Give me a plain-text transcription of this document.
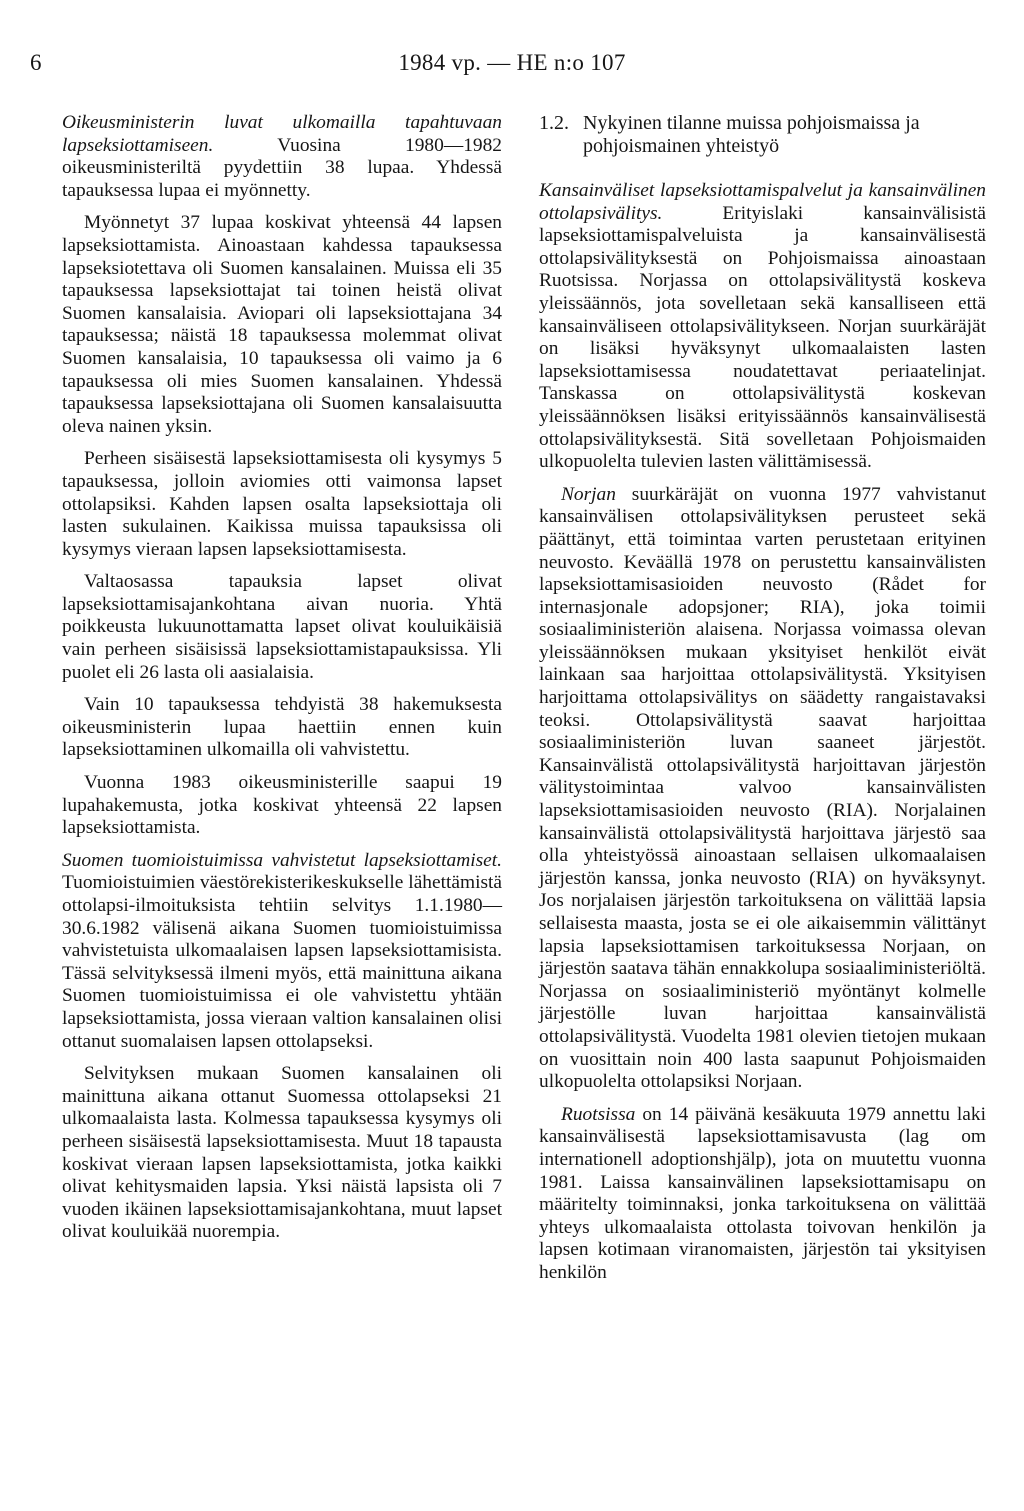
6	1984 vp. — HE n:o 107

Oikeusministerin luvat ulkomailla tapahtuvaan lapseksiottamiseen. Vuosina 1980—1982 oikeusministeriltä pyydettiin 38 lupaa. Yhdessä tapauksessa lupaa ei myönnetty.

Myönnetyt 37 lupaa koskivat yhteensä 44 lapsen lapseksiottamista. Ainoastaan kahdessa tapauksessa lapseksiotettava oli Suomen kansalainen. Muissa eli 35 tapauksessa lapseksiottajat tai toinen heistä olivat Suomen kansalaisia. Aviopari oli lapseksiottajana 34 tapauksessa; näistä 18 tapauksessa molemmat olivat Suomen kansalaisia, 10 tapauksessa oli vaimo ja 6 tapauksessa oli mies Suomen kansalainen. Yhdessä tapauksessa lapseksiottajana oli Suomen kansalaisuutta oleva nainen yksin.

Perheen sisäisestä lapseksiottamisesta oli kysymys 5 tapauksessa, jolloin aviomies otti vaimonsa lapset ottolapsiksi. Kahden lapsen osalta lapseksiottaja oli lasten sukulainen. Kaikissa muissa tapauksissa oli kysymys vieraan lapsen lapseksiottamisesta.

Valtaosassa tapauksia lapset olivat lapseksiottamisajankohtana aivan nuoria. Yhtä poikkeusta lukuunottamatta lapset olivat kouluikäisiä vain perheen sisäisissä lapseksiottamistapauksissa. Yli puolet eli 26 lasta oli aasialaisia.

Vain 10 tapauksessa tehdyistä 38 hakemuksesta oikeusministerin lupaa haettiin ennen kuin lapseksiottaminen ulkomailla oli vahvistettu.

Vuonna 1983 oikeusministerille saapui 19 lupahakemusta, jotka koskivat yhteensä 22 lapsen lapseksiottamista.

Suomen tuomioistuimissa vahvistetut lapseksiottamiset. Tuomioistuimien väestörekisterikeskukselle lähettämistä ottolapsi-ilmoituksista tehtiin selvitys 1.1.1980—30.6.1982 välisenä aikana Suomen tuomioistuimissa vahvistetuista ulkomaalaisen lapsen lapseksiottamisista. Tässä selvityksessä ilmeni myös, että mainittuna aikana Suomen tuomioistuimissa ei ole vahvistettu yhtään lapseksiottamista, jossa vieraan valtion kansalainen olisi ottanut suomalaisen lapsen ottolapseksi.

Selvityksen mukaan Suomen kansalainen oli mainittuna aikana ottanut Suomessa ottolapseksi 21 ulkomaalaista lasta. Kolmessa tapauksessa kysymys oli perheen sisäisestä lapseksiottamisesta. Muut 18 tapausta koskivat vieraan lapsen lapseksiottamista, jotka kaikki olivat kehitysmaiden lapsia. Yksi näistä lapsista oli 7 vuoden ikäinen lapseksiottamisajankohtana, muut lapset olivat kouluikää nuorempia.

1.2. Nykyinen tilanne muissa pohjoismaissa ja pohjoismainen yhteistyö

Kansainväliset lapseksiottamispalvelut ja kansainvälinen ottolapsivälitys. Erityislaki kansainvälisistä lapseksiottamispalveluista ja kansainvälisestä ottolapsivälityksestä on Pohjoismaissa ainoastaan Ruotsissa. Norjassa on ottolapsivälitystä koskeva yleissäännös, jota sovelletaan sekä kansalliseen että kansainväliseen ottolapsivälitykseen. Norjan suurkäräjät on lisäksi hyväksynyt ulkomaalaisten lasten lapseksiottamisessa noudatettavat periaatelinjat. Tanskassa on ottolapsivälitystä koskevan yleissäännöksen lisäksi erityissäännös kansainvälisestä ottolapsivälityksestä. Sitä sovelletaan Pohjoismaiden ulkopuolelta tulevien lasten välittämisessä.

Norjan suurkäräjät on vuonna 1977 vahvistanut kansainvälisen ottolapsivälityksen perusteet sekä päättänyt, että toimintaa varten perustetaan erityinen neuvosto. Keväällä 1978 on perustettu kansainvälisten lapseksiottamisasioiden neuvosto (Rådet for internasjonale adopsjoner; RIA), joka toimii sosiaaliministeriön alaisena. Norjassa voimassa olevan yleissäännöksen mukaan yksityiset henkilöt eivät lainkaan saa harjoittaa ottolapsivälitystä. Yksityisen harjoittama ottolapsivälitys on säädetty rangaistavaksi teoksi. Ottolapsivälitystä saavat harjoittaa sosiaaliministeriön luvan saaneet järjestöt. Kansainvälistä ottolapsivälitystä harjoittavan järjestön välitystoimintaa valvoo kansainvälisten lapseksiottamisasioiden neuvosto (RIA). Norjalainen kansainvälistä ottolapsivälitystä harjoittava järjestö saa olla yhteistyössä ainoastaan sellaisen ulkomaalaisen järjestön kanssa, jonka neuvosto (RIA) on hyväksynyt. Jos norjalaisen järjestön tarkoituksena on välittää lapsia sellaisesta maasta, josta se ei ole aikaisemmin välittänyt lapsia lapseksiottamisen tarkoituksessa Norjaan, on järjestön saatava tähän ennakkolupa sosiaaliministeriöltä. Norjassa on sosiaaliministeriö myöntänyt kolmelle järjestölle luvan harjoittaa kansainvälistä ottolapsivälitystä. Vuodelta 1981 olevien tietojen mukaan on vuosittain noin 400 lasta saapunut Pohjoismaiden ulkopuolelta ottolapsiksi Norjaan.

Ruotsissa on 14 päivänä kesäkuuta 1979 annettu laki kansainvälisestä lapseksiottamisavusta (lag om internationell adoptionshjälp), jota on muutettu vuonna 1981. Laissa kansainvälinen lapseksiottamisapu on määritelty toiminnaksi, jonka tarkoituksena on välittää yhteys ulkomaalaista ottolasta toivovan henkilön ja lapsen kotimaan viranomaisten, järjestön tai yksityisen henkilön
